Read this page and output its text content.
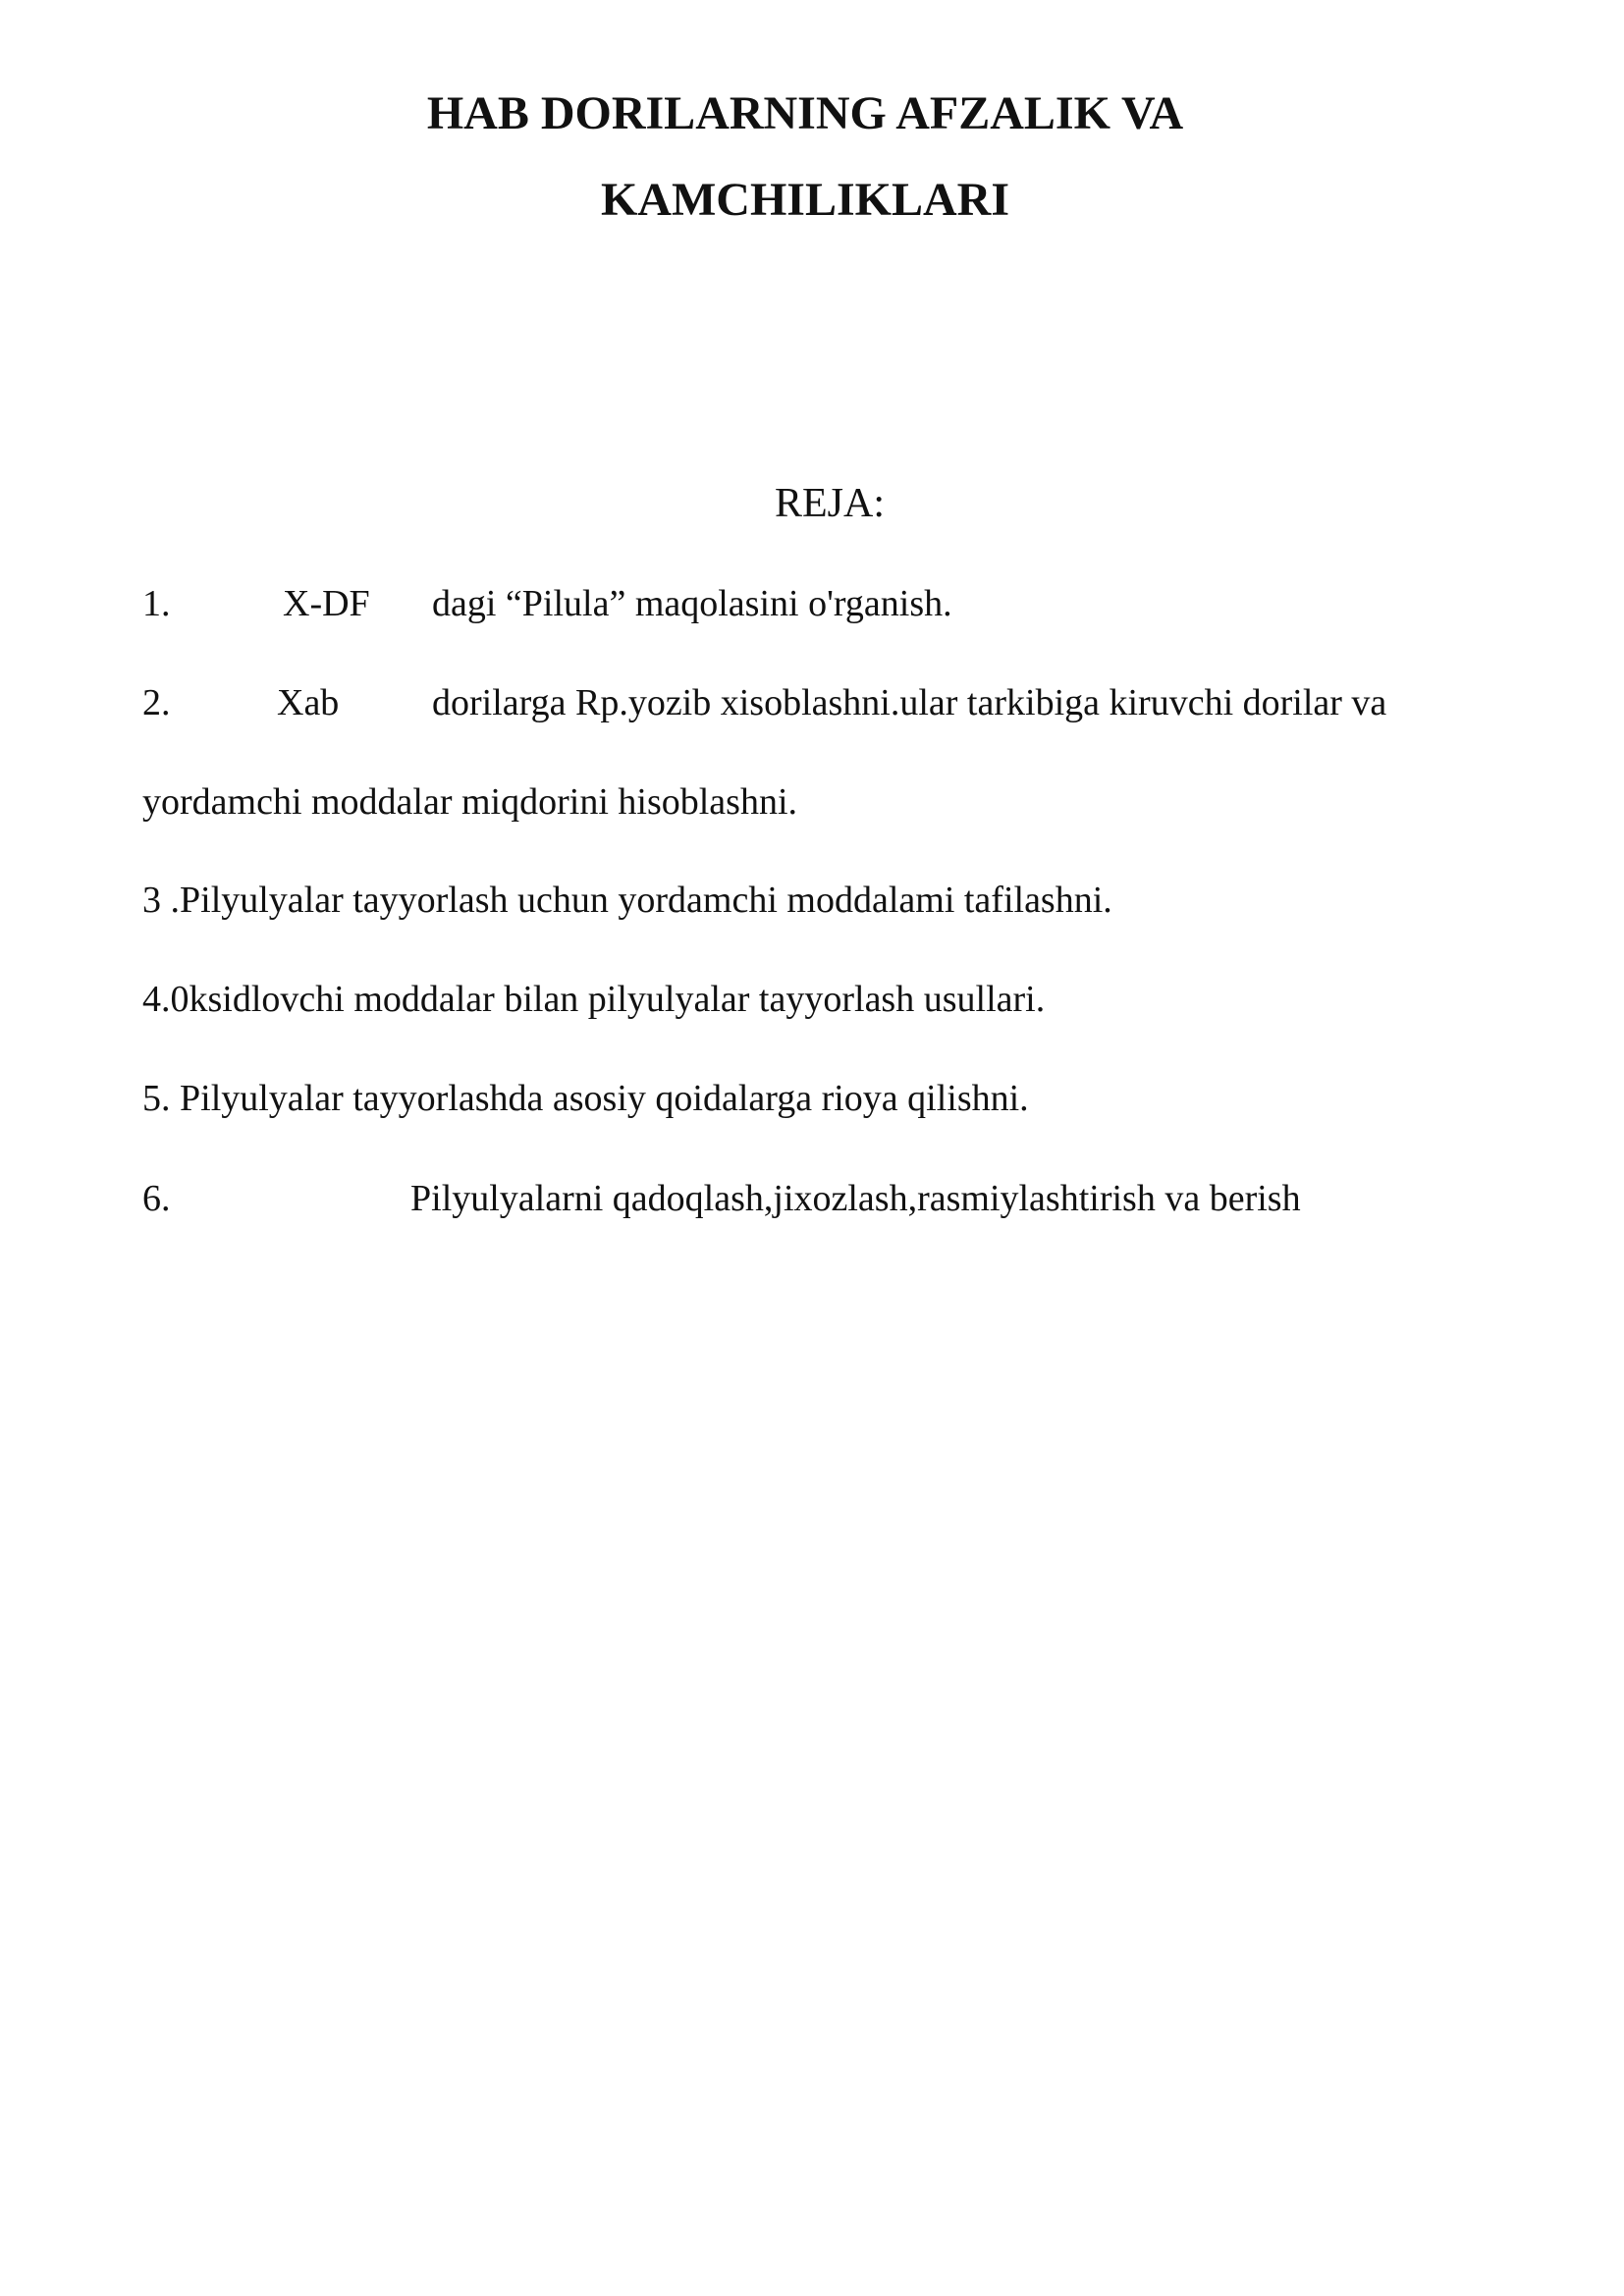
HAB DORILARNING AFZALIK VA
KAMCHILIKLARI

REJA:

1.	X-DF dagi “Pilula” maqolasini o'rganish.
2.	Xab dorilarga Rp.yozib xisoblashni.ular tarkibiga kiruvchi dorilar va

yordamchi moddalar miqdorini hisoblashni.

3 .Pilyulyalar tayyorlash uchun yordamchi moddalami tafilashni.

4.0ksidlovchi moddalar bilan pilyulyalar tayyorlash usullari.

5. Pilyulyalar tayyorlashda asosiy qoidalarga rioya qilishni.

6.	Pilyulyalarni qadoqlash,jixozlash,rasmiylashtirish va berish
